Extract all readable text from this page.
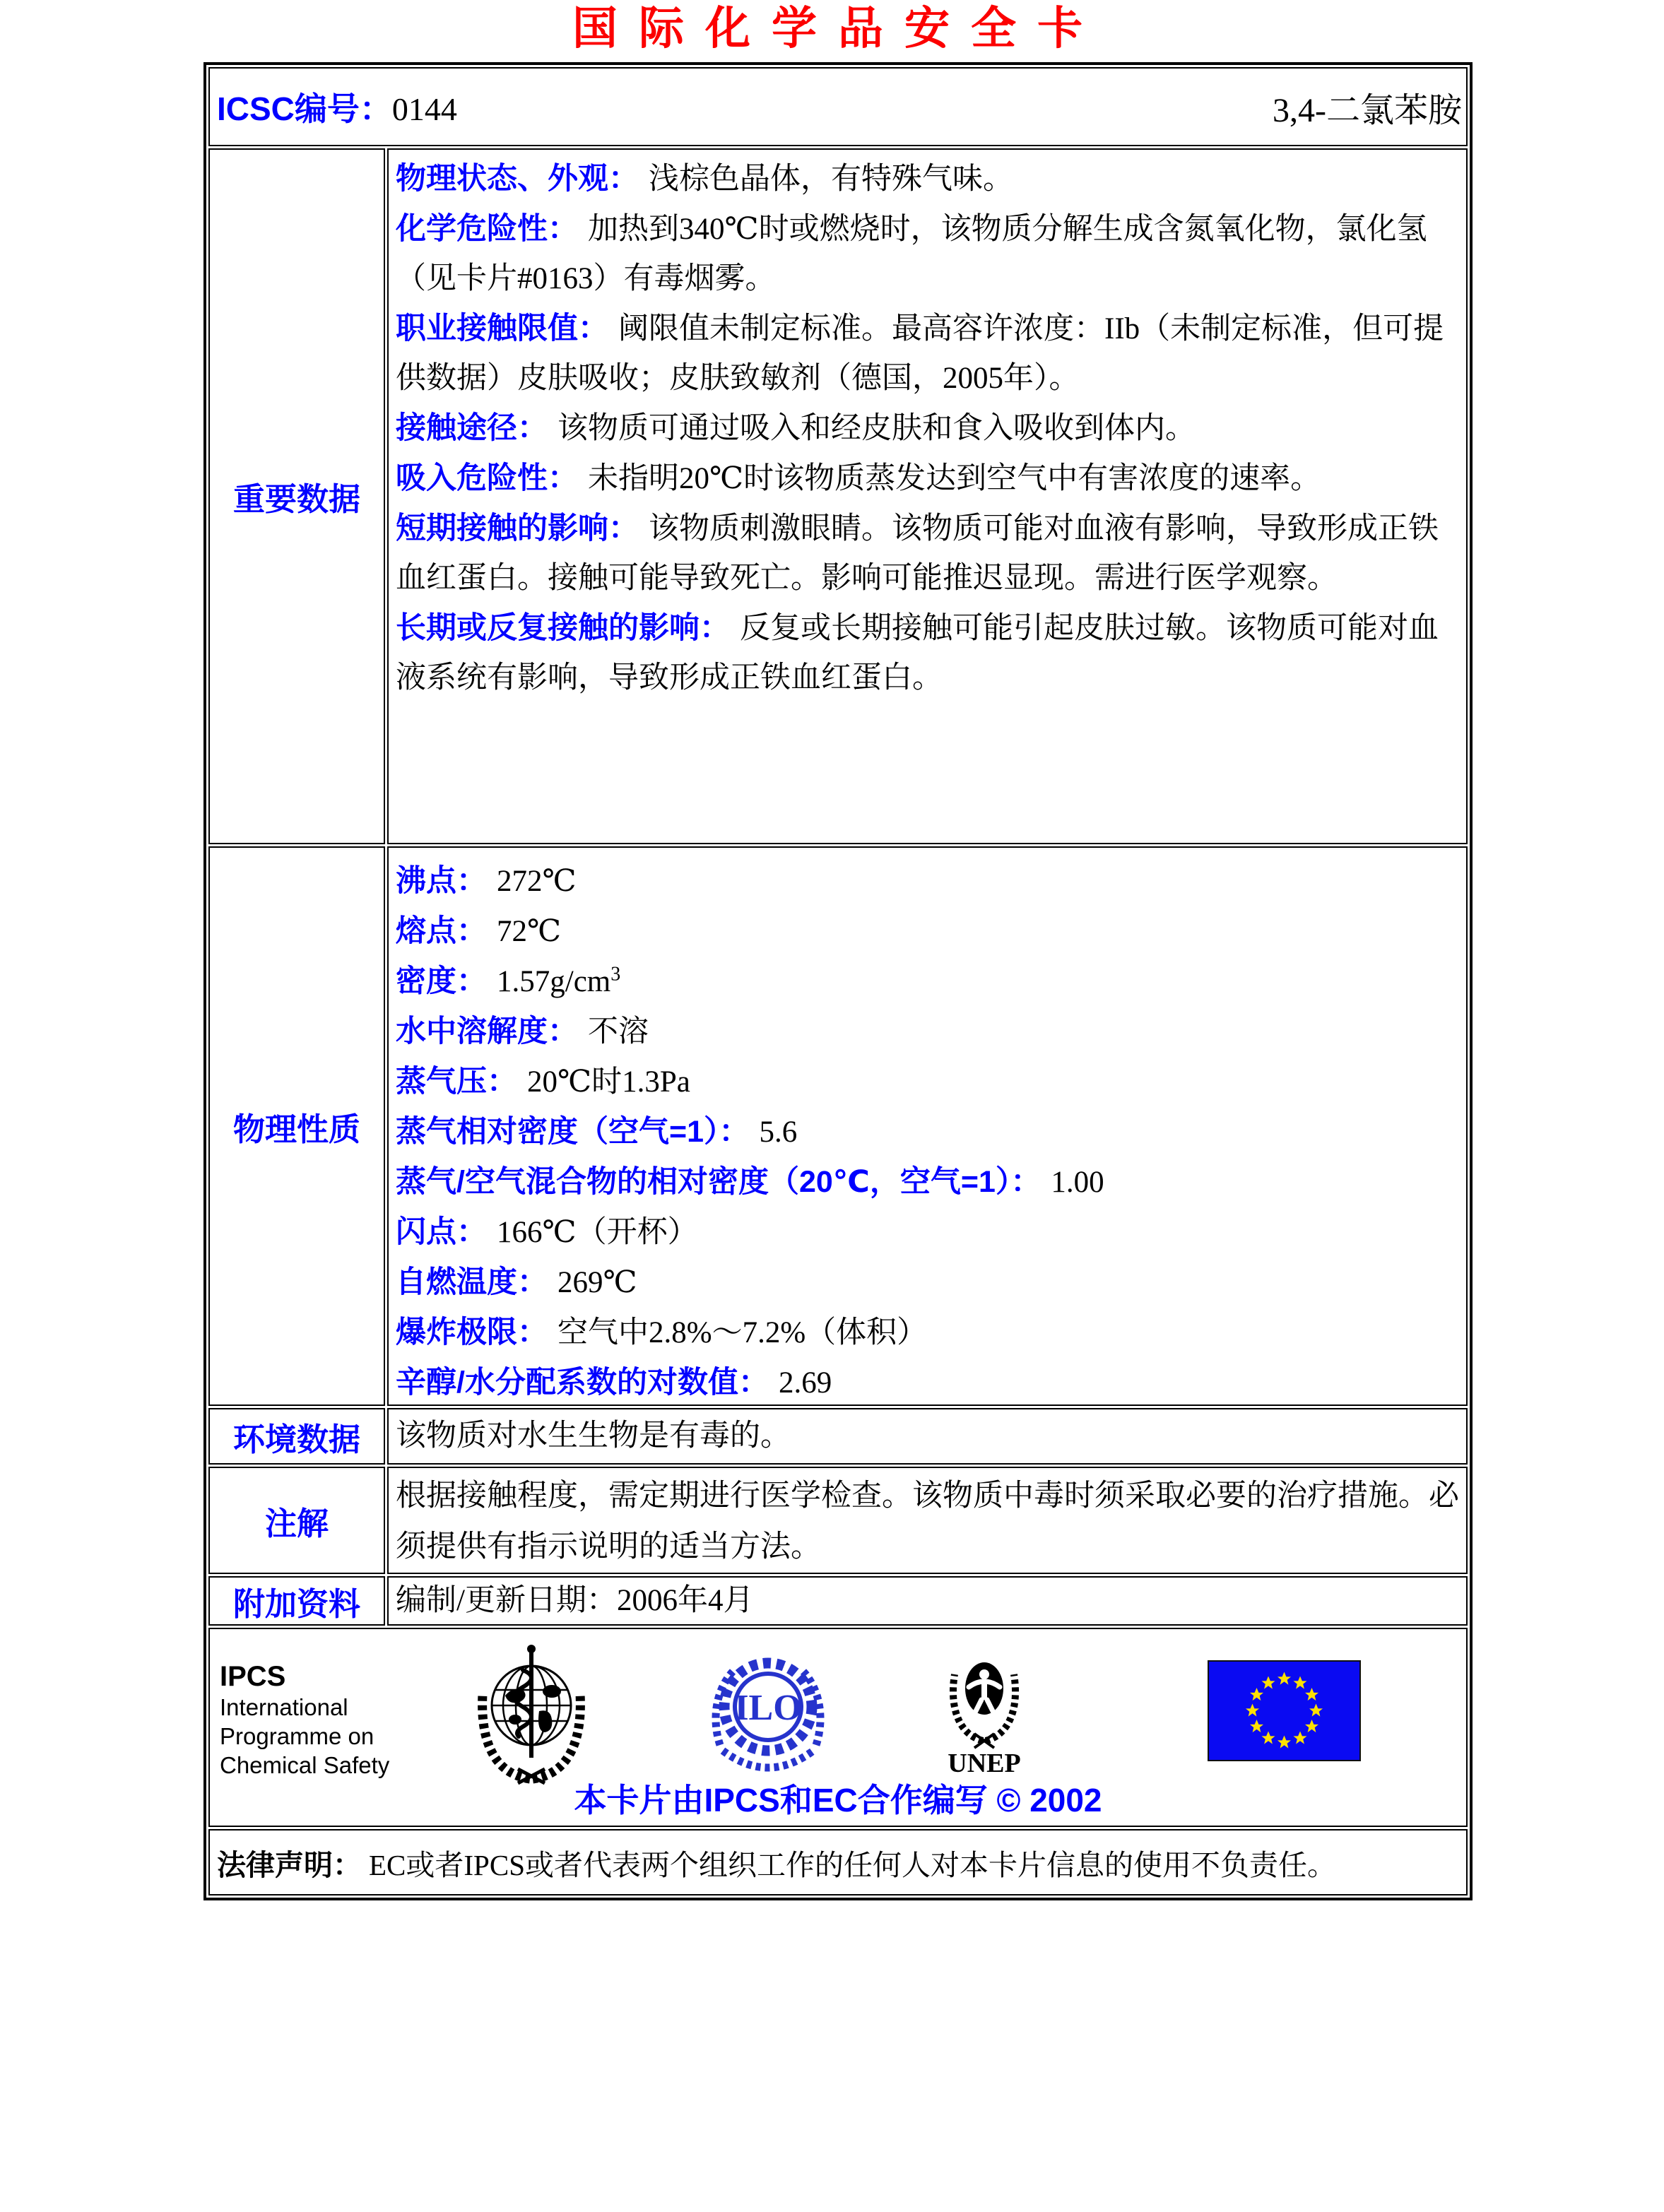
国际化学品安全卡
ICSC编号：0144	3,4-二氯苯胺
重要数据
物理状态、外观： 浅棕色晶体，有特殊气味。
化学危险性： 加热到340℃时或燃烧时，该物质分解生成含氮氧化物，氯化氢（见卡片#0163）有毒烟雾。
职业接触限值： 阈限值未制定标准。最高容许浓度：IIb（未制定标准，但可提供数据）皮肤吸收；皮肤致敏剂（德国，2005年）。
接触途径： 该物质可通过吸入和经皮肤和食入吸收到体内。
吸入危险性： 未指明20℃时该物质蒸发达到空气中有害浓度的速率。
短期接触的影响： 该物质刺激眼睛。该物质可能对血液有影响，导致形成正铁血红蛋白。接触可能导致死亡。影响可能推迟显现。需进行医学观察。
长期或反复接触的影响： 反复或长期接触可能引起皮肤过敏。该物质可能对血液系统有影响，导致形成正铁血红蛋白。
物理性质
沸点： 272℃
熔点： 72℃
密度： $1.57g/cm^3$
水中溶解度： 不溶
蒸气压： 20℃时1.3Pa
蒸气相对密度（空气=1）： 5.6
蒸气/空气混合物的相对密度（20℃，空气=1）： 1.00
闪点： 166℃（开杯）
自燃温度： 269℃
爆炸极限： 空气中2.8%～7.2%（体积）
辛醇/水分配系数的对数值： 2.69
环境数据 该物质对水生生物是有毒的。
注解
根据接触程度，需定期进行医学检查。该物质中毒时须采取必要的治疗措施。必须提供有指示说明的适当方法。
附加资料 编制/更新日期：2006年4月
IPCS
International
Programme on
Chemical Safety
ILO
UNEP
本卡片由IPCS和EC合作编写 © 2002
法律声明： EC或者IPCS或者代表两个组织工作的任何人对本卡片信息的使用不负责任。
